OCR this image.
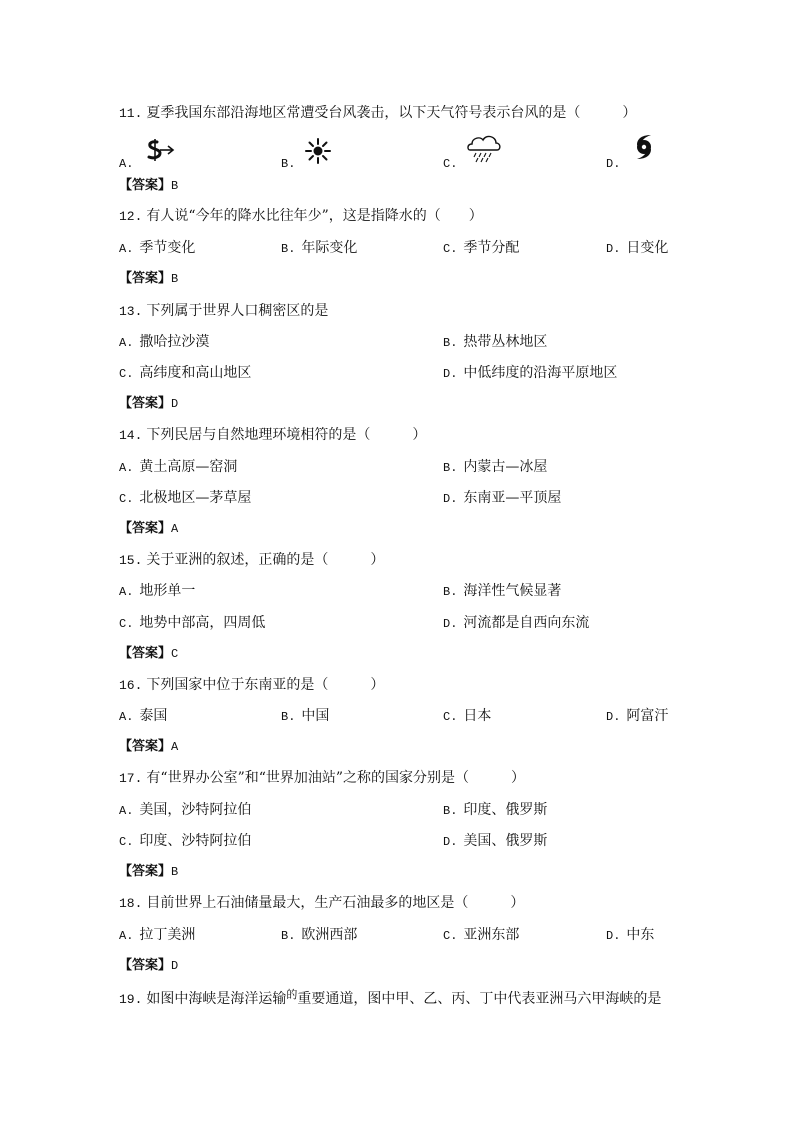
11. 夏季我国东部沿海地区常遭受台风袭击，以下天气符号表示台风的是（　　　）
A.	B.	C.	D.
【答案】B
12. 有人说“今年的降水比往年少”，这是指降水的（　　）
A. 季节变化	B. 年际变化	C. 季节分配	D. 日变化
【答案】B
13. 下列属于世界人口稠密区的是
A. 撒哈拉沙漠	B. 热带丛林地区
C. 高纬度和高山地区	D. 中低纬度的沿海平原地区
【答案】D
14. 下列民居与自然地理环境相符的是（　　　）
A. 黄土高原—窑洞	B. 内蒙古—冰屋
C. 北极地区—茅草屋	D. 东南亚—平顶屋
【答案】A
15. 关于亚洲的叙述，正确的是（　　　）
A. 地形单一	B. 海洋性气候显著
C. 地势中部高，四周低	D. 河流都是自西向东流
【答案】C
16. 下列国家中位于东南亚的是（　　　）
A. 泰国	B. 中国	C. 日本	D. 阿富汗
【答案】A
17. 有“世界办公室”和“世界加油站”之称的国家分别是（　　　）
A. 美国，沙特阿拉伯	B. 印度、俄罗斯
C. 印度、沙特阿拉伯	D. 美国、俄罗斯
【答案】B
18. 目前世界上石油储量最大，生产石油最多的地区是（　　　）
A. 拉丁美洲	B. 欧洲西部	C. 亚洲东部	D. 中东
【答案】D
19. 如图中海峡是海洋运输$^的$重要通道，图中甲、乙、丙、丁中代表亚洲马六甲海峡的是
